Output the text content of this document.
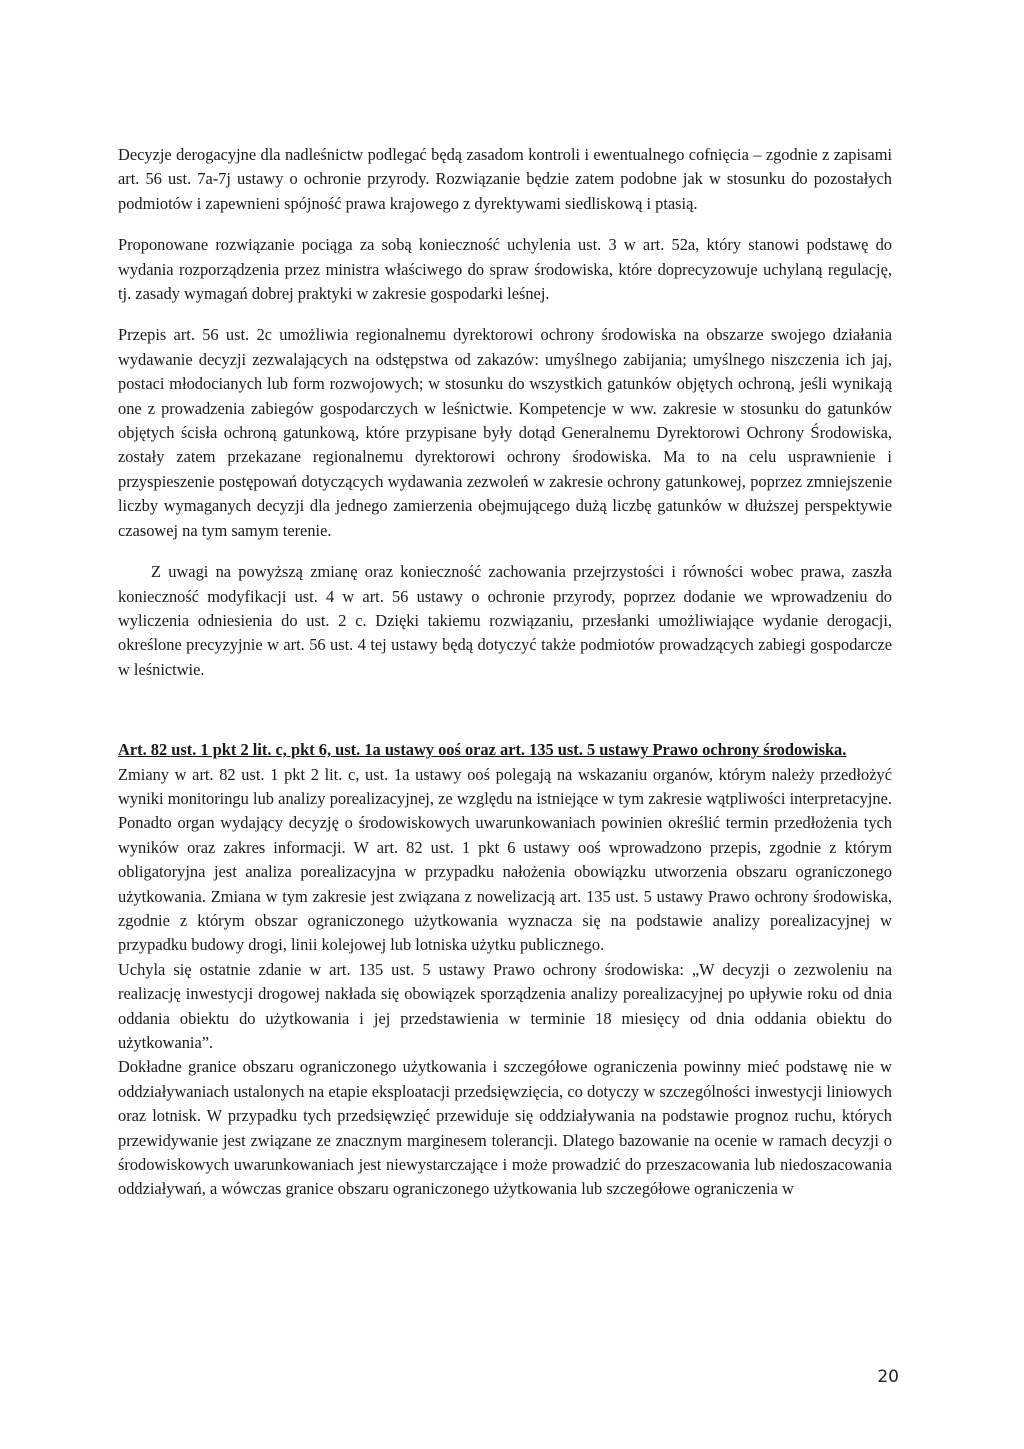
Decyzje derogacyjne dla nadleśnictw podlegać będą zasadom kontroli i ewentualnego cofnięcia – zgodnie z zapisami art. 56 ust. 7a-7j ustawy o ochronie przyrody. Rozwiązanie będzie zatem podobne jak w stosunku do pozostałych podmiotów i zapewnieni spójność prawa krajowego z dyrektywami siedliskową i ptasią.

Proponowane rozwiązanie pociąga za sobą konieczność uchylenia ust. 3 w art. 52a, który stanowi podstawę do wydania rozporządzenia przez ministra właściwego do spraw środowiska, które doprecyzowuje uchylaną regulację, tj. zasady wymagań dobrej praktyki w zakresie gospodarki leśnej.

Przepis art. 56 ust. 2c umożliwia regionalnemu dyrektorowi ochrony środowiska na obszarze swojego działania wydawanie decyzji zezwalających na odstępstwa od zakazów: umyślnego zabijania; umyślnego niszczenia ich jaj, postaci młodocianych lub form rozwojowych; w stosunku do wszystkich gatunków objętych ochroną, jeśli wynikają one z prowadzenia zabiegów gospodarczych w leśnictwie. Kompetencje w ww. zakresie w stosunku do gatunków objętych ścisła ochroną gatunkową, które przypisane były dotąd Generalnemu Dyrektorowi Ochrony Środowiska, zostały zatem przekazane regionalnemu dyrektorowi ochrony środowiska. Ma to na celu usprawnienie i przyspieszenie postępowań dotyczących wydawania zezwoleń w zakresie ochrony gatunkowej, poprzez zmniejszenie liczby wymaganych decyzji dla jednego zamierzenia obejmującego dużą liczbę gatunków w dłuższej perspektywie czasowej na tym samym terenie.

Z uwagi na powyższą zmianę oraz konieczność zachowania przejrzystości i równości wobec prawa, zaszła konieczność modyfikacji ust. 4 w art. 56 ustawy o ochronie przyrody, poprzez dodanie we wprowadzeniu do wyliczenia odniesienia do ust. 2 c. Dzięki takiemu rozwiązaniu, przesłanki umożliwiające wydanie derogacji, określone precyzyjnie w art. 56 ust. 4 tej ustawy będą dotyczyć także podmiotów prowadzących zabiegi gospodarcze w leśnictwie.

Art. 82 ust. 1 pkt 2 lit. c, pkt 6, ust. 1a ustawy ooś oraz art. 135 ust. 5 ustawy Prawo ochrony środowiska.

Zmiany w art. 82 ust. 1 pkt 2 lit. c, ust. 1a ustawy ooś polegają na wskazaniu organów, którym należy przedłożyć wyniki monitoringu lub analizy porealizacyjnej, ze względu na istniejące w tym zakresie wątpliwości interpretacyjne. Ponadto organ wydający decyzję o środowiskowych uwarunkowaniach powinien określić termin przedłożenia tych wyników oraz zakres informacji. W art. 82 ust. 1 pkt 6 ustawy ooś wprowadzono przepis, zgodnie z którym obligatoryjna jest analiza porealizacyjna w przypadku nałożenia obowiązku utworzenia obszaru ograniczonego użytkowania. Zmiana w tym zakresie jest związana z nowelizacją art. 135 ust. 5 ustawy Prawo ochrony środowiska, zgodnie z którym obszar ograniczonego użytkowania wyznacza się na podstawie analizy porealizacyjnej w przypadku budowy drogi, linii kolejowej lub lotniska użytku publicznego.

Uchyla się ostatnie zdanie w art. 135 ust. 5 ustawy Prawo ochrony środowiska: „W decyzji o zezwoleniu na realizację inwestycji drogowej nakłada się obowiązek sporządzenia analizy porealizacyjnej po upływie roku od dnia oddania obiektu do użytkowania i jej przedstawienia w terminie 18 miesięcy od dnia oddania obiektu do użytkowania”.

Dokładne granice obszaru ograniczonego użytkowania i szczegółowe ograniczenia powinny mieć podstawę nie w oddziaływaniach ustalonych na etapie eksploatacji przedsięwzięcia, co dotyczy w szczególności inwestycji liniowych oraz lotnisk. W przypadku tych przedsięwzięć przewiduje się oddziaływania na podstawie prognoz ruchu, których przewidywanie jest związane ze znacznym marginesem tolerancji. Dlatego bazowanie na ocenie w ramach decyzji o środowiskowych uwarunkowaniach jest niewystarczające i może prowadzić do przeszacowania lub niedoszacowania oddziaływań, a wówczas granice obszaru ograniczonego użytkowania lub szczegółowe ograniczenia w

20
